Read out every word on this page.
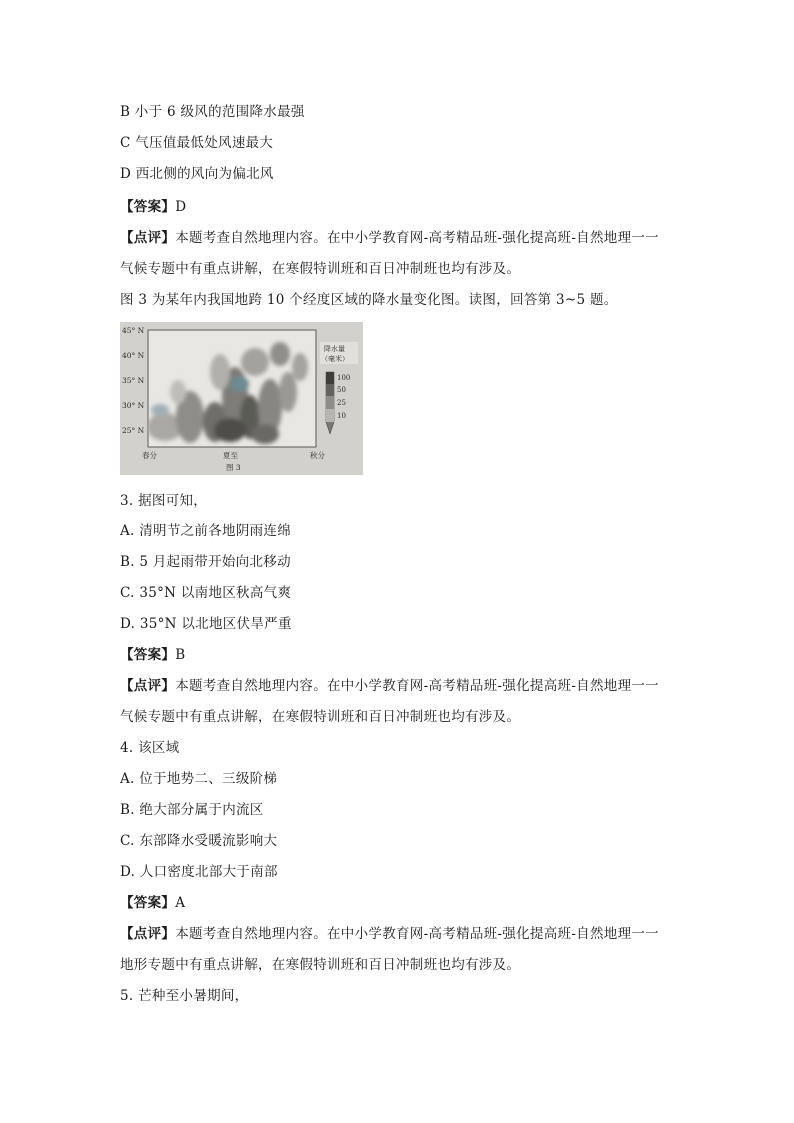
B 小于 6 级风的范围降水最强
C 气压值最低处风速最大
D 西北侧的风向为偏北风
【答案】D
【点评】本题考查自然地理内容。在中小学教育网-高考精品班-强化提高班-自然地理一一
气候专题中有重点讲解，在寒假特训班和百日冲制班也均有涉及。
图 3 为某年内我国地跨 10 个经度区域的降水量变化图。读图，回答第 3~5 题。
45° N
40° N
35° N
30° N
25° N
春分	夏至	秋分
图 3
降水量
（毫米）
100
50
25
10
3. 据图可知，
A. 清明节之前各地阴雨连绵
B. 5 月起雨带开始向北移动
C. 35°N 以南地区秋高气爽
D. 35°N 以北地区伏旱严重
【答案】B
【点评】本题考查自然地理内容。在中小学教育网-高考精品班-强化提高班-自然地理一一
气候专题中有重点讲解，在寒假特训班和百日冲制班也均有涉及。
4. 该区域
A. 位于地势二、三级阶梯
B. 绝大部分属于内流区
C. 东部降水受暖流影响大
D. 人口密度北部大于南部
【答案】A
【点评】本题考查自然地理内容。在中小学教育网-高考精品班-强化提高班-自然地理一一
地形专题中有重点讲解，在寒假特训班和百日冲制班也均有涉及。
5. 芒种至小暑期间，
